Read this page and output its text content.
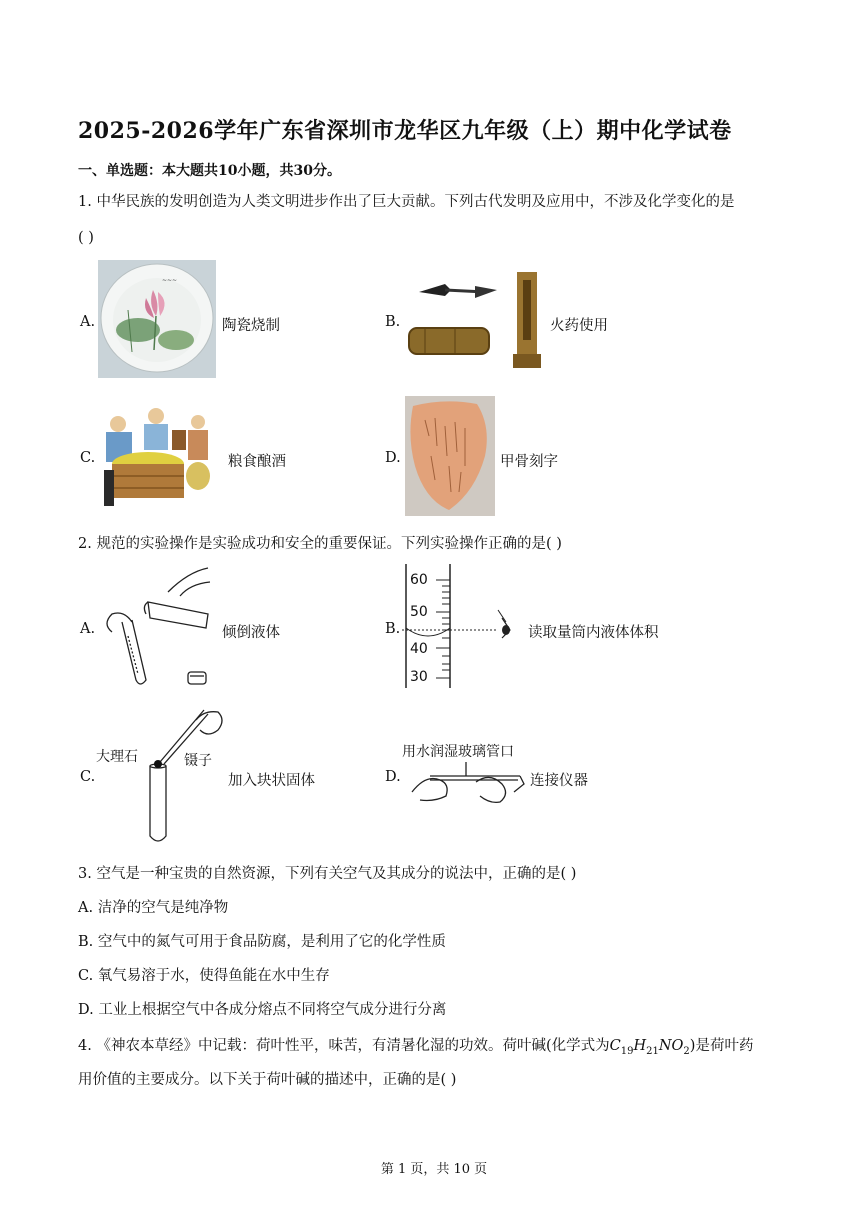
2025-2026学年广东省深圳市龙华区九年级（上）期中化学试卷
一、单选题：本大题共10小题，共30分。
1. 中华民族的发明创造为人类文明进步作出了巨大贡献。下列古代发明及应用中，不涉及化学变化的是
( )
A.
~~~
陶瓷烧制	B.	火药使用
C.	粮食酿酒	D.	甲骨刻字
2. 规范的实验操作是实验成功和安全的重要保证。下列实验操作正确的是( )
A.	倾倒液体	B.
60
50
40
30
读取量筒内液体体积
C.
大理石	镊子
加入块状固体	D.
用水润湿玻璃管口
连接仪器
3. 空气是一种宝贵的自然资源，下列有关空气及其成分的说法中，正确的是( )
A. 洁净的空气是纯净物
B. 空气中的氮气可用于食品防腐，是利用了它的化学性质
C. 氧气易溶于水，使得鱼能在水中生存
D. 工业上根据空气中各成分熔点不同将空气成分进行分离
4. 《神农本草经》中记载：荷叶性平，味苦，有清暑化湿的功效。荷叶碱(化学式为$C_{19}H_{21}NO_2$)是荷叶药
用价值的主要成分。以下关于荷叶碱的描述中，正确的是( )
第 1 页，共 10 页
